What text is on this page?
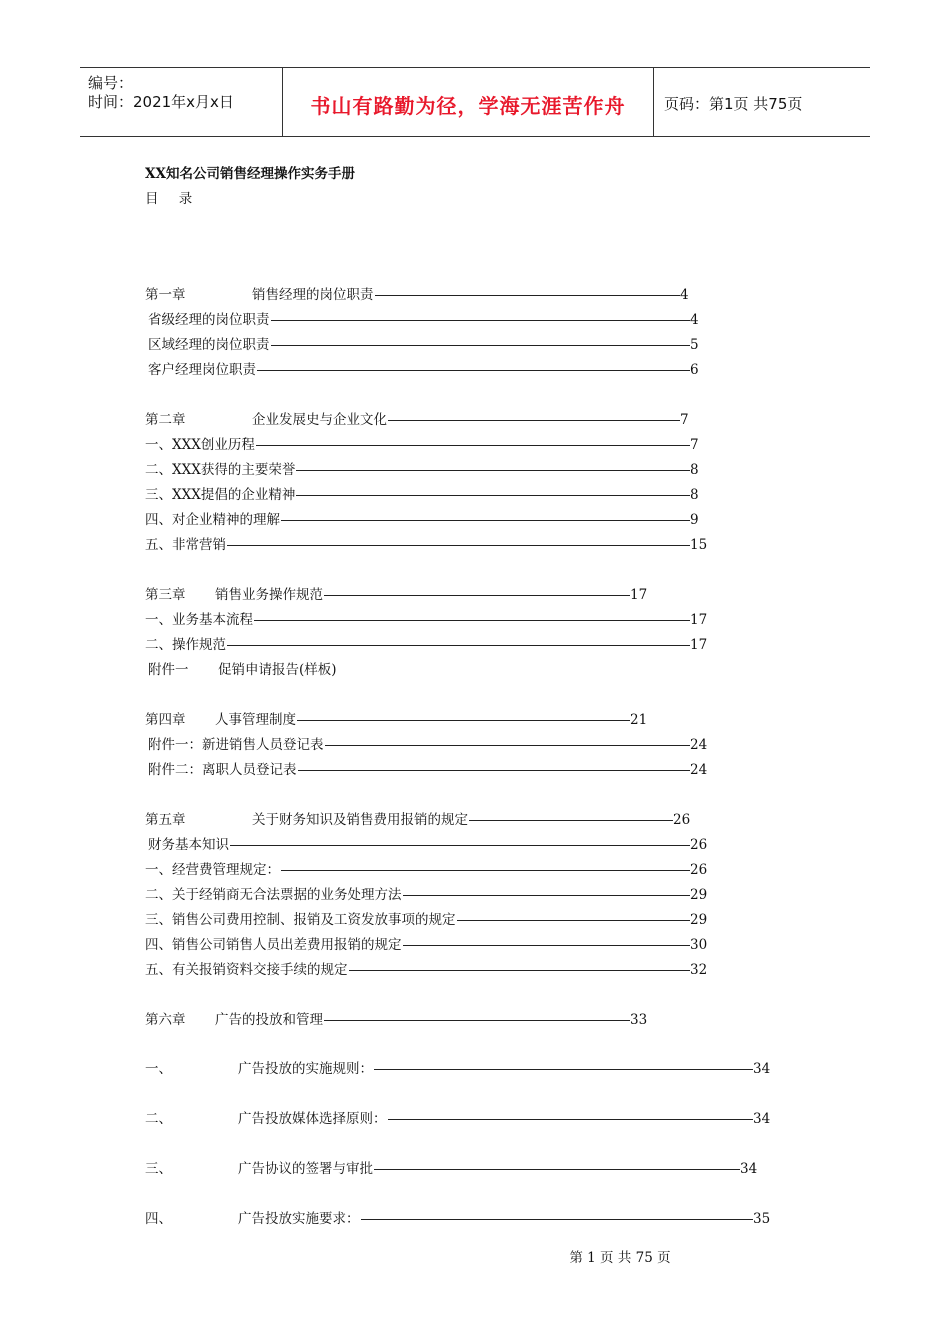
编号：
时间：2021年x月x日	书山有路勤为径，学海无涯苦作舟	页码：第1页 共75页
XX知名公司销售经理操作实务手册
目 录
第一章	销售经理的岗位职责	4
省级经理的岗位职责	4
区域经理的岗位职责	5
客户经理岗位职责	6
第二章	企业发展史与企业文化	7
一、XXX创业历程	7
二、XXX获得的主要荣誉	8
三、XXX提倡的企业精神	8
四、对企业精神的理解	9
五、非常营销	15
第三章 销售业务操作规范	17
一、业务基本流程	17
二、操作规范	17
附件一 促销申请报告(样板)
第四章 人事管理制度	21
附件一：新进销售人员登记表	24
附件二：离职人员登记表	24
第五章	关于财务知识及销售费用报销的规定	26
财务基本知识	26
一、经营费管理规定：	26
二、关于经销商无合法票据的业务处理方法	29
三、销售公司费用控制、报销及工资发放事项的规定	29
四、销售公司销售人员出差费用报销的规定	30
五、有关报销资料交接手续的规定	32
第六章 广告的投放和管理	33
一、	广告投放的实施规则：	34
二、	广告投放媒体选择原则：	34
三、	广告协议的签署与审批	34
四、	广告投放实施要求：	35
第 1 页 共 75 页
